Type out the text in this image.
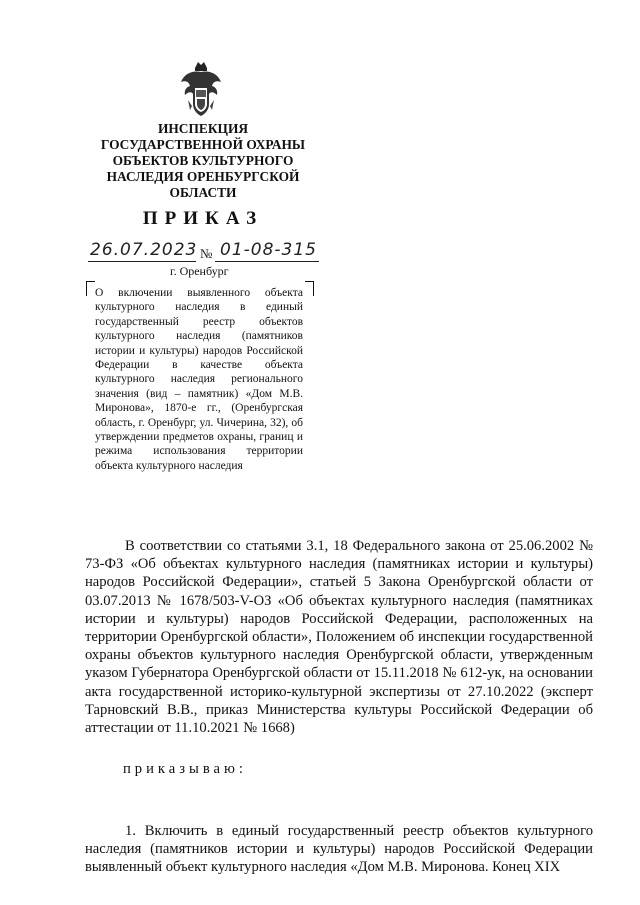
ИНСПЕКЦИЯ
ГОСУДАРСТВЕННОЙ ОХРАНЫ
ОБЪЕКТОВ КУЛЬТУРНОГО
НАСЛЕДИЯ ОРЕНБУРГСКОЙ
ОБЛАСТИ
ПРИКАЗ
26.07.2023 № 01-08-315
г. Оренбург
О включении выявленного объекта культурного наследия в единый государственный реестр объектов культурного наследия (памятников истории и культуры) народов Российской Федерации в качестве объекта культурного наследия регионального значения (вид – памятник) «Дом М.В. Миронова», 1870-е гг., (Оренбургская область, г. Оренбург, ул. Чичерина, 32), об утверждении предметов охраны, границ и режима использования территории объекта культурного наследия

В соответствии со статьями 3.1, 18 Федерального закона от 25.06.2002 № 73-ФЗ «Об объектах культурного наследия (памятниках истории и культуры) народов Российской Федерации», статьей 5 Закона Оренбургской области от 03.07.2013 № 1678/503-V-ОЗ «Об объектах культурного наследия (памятниках истории и культуры) народов Российской Федерации, расположенных на территории Оренбургской области», Положением об инспекции государственной охраны объектов культурного наследия Оренбургской области, утвержденным указом Губернатора Оренбургской области от 15.11.2018 № 612-ук, на основании акта государственной историко-культурной экспертизы от 27.10.2022 (эксперт Тарновский В.В., приказ Министерства культуры Российской Федерации об аттестации от 11.10.2021 № 1668)

приказываю:

1. Включить в единый государственный реестр объектов культурного наследия (памятников истории и культуры) народов Российской Федерации выявленный объект культурного наследия «Дом М.В. Миронова. Конец XIX
